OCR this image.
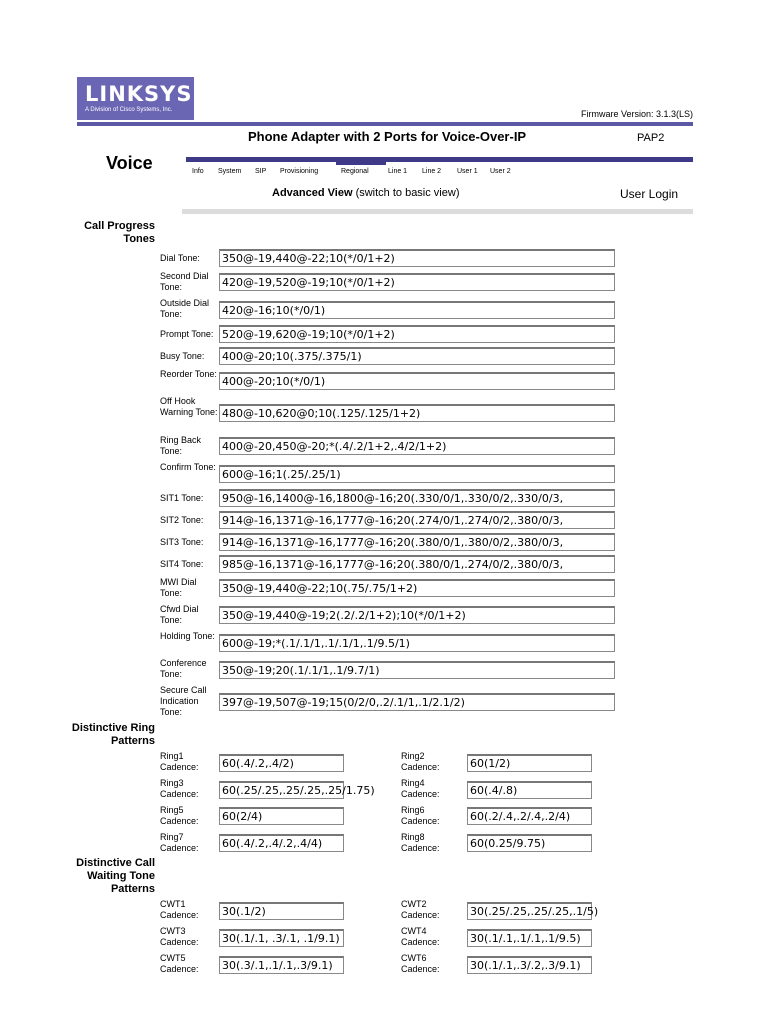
LINKSYS
A Division of Cisco Systems, Inc.	Firmware Version: 3.1.3(LS)
Phone Adapter with 2 Ports for Voice-Over-IP	PAP2
Voice	Info System SIP Provisioning	Regional	Line 1 Line 2 User 1 User 2
Advanced View (switch to basic view)	User Login
Call Progress Tones
Distinctive Ring Patterns
Distinctive Call Waiting Tone Patterns
Dial Tone:	350@-19,440@-22;10(*/0/1+2)
Second Dial Tone:	420@-19,520@-19;10(*/0/1+2)
Outside Dial Tone:	420@-16;10(*/0/1)
Prompt Tone: 520@-19,620@-19;10(*/0/1+2)
Busy Tone:	400@-20;10(.375/.375/1)
Reorder Tone:
400@-20;10(*/0/1)
Off Hook Warning Tone: 480@-10,620@0;10(.125/.125/1+2)
Ring Back Tone:	400@-20,450@-20;*(.4/.2/1+2,.4/2/1+2)
Confirm Tone:
600@-16;1(.25/.25/1)
SIT1 Tone:	950@-16,1400@-16,1800@-16;20(.330/0/1,.330/0/2,.330/0/3,
SIT2 Tone:	914@-16,1371@-16,1777@-16;20(.274/0/1,.274/0/2,.380/0/3,
SIT3 Tone:	914@-16,1371@-16,1777@-16;20(.380/0/1,.380/0/2,.380/0/3,
SIT4 Tone:	985@-16,1371@-16,1777@-16;20(.380/0/1,.274/0/2,.380/0/3,
MWI Dial Tone:	350@-19,440@-22;10(.75/.75/1+2)
Cfwd Dial Tone:	350@-19,440@-19;2(.2/.2/1+2);10(*/0/1+2)
Holding Tone:
600@-19;*(.1/.1/1,.1/.1/1,.1/9.5/1)
Conference Tone:	350@-19;20(.1/.1/1,.1/9.7/1)
Secure Call Indication Tone:
397@-19,507@-19;15(0/2/0,.2/.1/1,.1/2.1/2)
Ring1 Cadence:	60(.4/.2,.4/2)
Ring2 Cadence:	60(1/2)
Ring3 Cadence:	60(.25/.25,.25/.25,.25/1.75)
Ring4 Cadence:	60(.4/.8)
Ring5 Cadence:	60(2/4)	Ring6 Cadence:	60(.2/.4,.2/.4,.2/4)
Ring7 Cadence:	60(.4/.2,.4/.2,.4/4)	Ring8 Cadence:	60(0.25/9.75)
CWT1 Cadence:	30(.1/2)
CWT2 Cadence:	30(.25/.25,.25/.25,.1/5)
CWT3 Cadence:	30(.1/.1, .3/.1, .1/9.1)
CWT4 Cadence:	30(.1/.1,.1/.1,.1/9.5)
CWT5 Cadence:	30(.3/.1,.1/.1,.3/9.1)
CWT6 Cadence:	30(.1/.1,.3/.2,.3/9.1)
